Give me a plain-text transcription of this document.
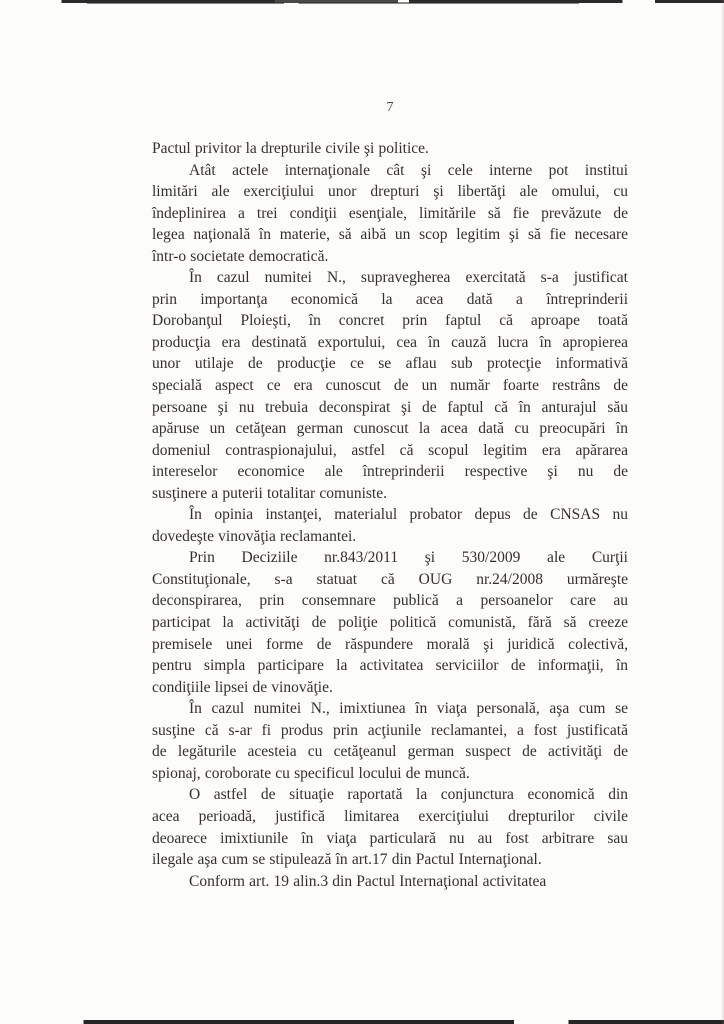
7
Pactul privitor la drepturile civile şi politice.
Atât actele internaţionale cât şi cele interne pot institui
limitări ale exerciţiului unor drepturi şi libertăţi ale omului, cu
îndeplinirea a trei condiţii esenţiale, limitările să fie prevăzute de
legea naţională în materie, să aibă un scop legitim şi să fie necesare
într-o societate democratică.
În cazul numitei N., supravegherea exercitată s-a justificat
prin importanţa economică la acea dată a întreprinderii
Dorobanţul Ploieşti, în concret prin faptul că aproape toată
producţia era destinată exportului, cea în cauză lucra în apropierea
unor utilaje de producţie ce se aflau sub protecţie informativă
specială aspect ce era cunoscut de un număr foarte restrâns de
persoane şi nu trebuia deconspirat şi de faptul că în anturajul său
apăruse un cetăţean german cunoscut la acea dată cu preocupări în
domeniul contraspionajului, astfel că scopul legitim era apărarea
intereselor economice ale întreprinderii respective şi nu de
susţinere a puterii totalitar comuniste.
În opinia instanţei, materialul probator depus de CNSAS nu
dovedeşte vinovăţia reclamantei.
Prin Deciziile nr.843/2011 şi 530/2009 ale Curţii
Constituţionale, s-a statuat că OUG nr.24/2008 urmăreşte
deconspirarea, prin consemnare publică a persoanelor care au
participat la activităţi de poliţie politică comunistă, fără să creeze
premisele unei forme de răspundere morală şi juridică colectivă,
pentru simpla participare la activitatea serviciilor de informaţii, în
condiţiile lipsei de vinovăţie.
În cazul numitei N., imixtiunea în viaţa personală, aşa cum se
susţine că s-ar fi produs prin acţiunile reclamantei, a fost justificată
de legăturile acesteia cu cetăţeanul german suspect de activităţi de
spionaj, coroborate cu specificul locului de muncă.
O astfel de situaţie raportată la conjunctura economică din
acea perioadă, justifică limitarea exerciţiului drepturilor civile
deoarece imixtiunile în viaţa particulară nu au fost arbitrare sau
ilegale aşa cum se stipulează în art.17 din Pactul Internaţional.
Conform art. 19 alin.3 din Pactul Internaţional activitatea
